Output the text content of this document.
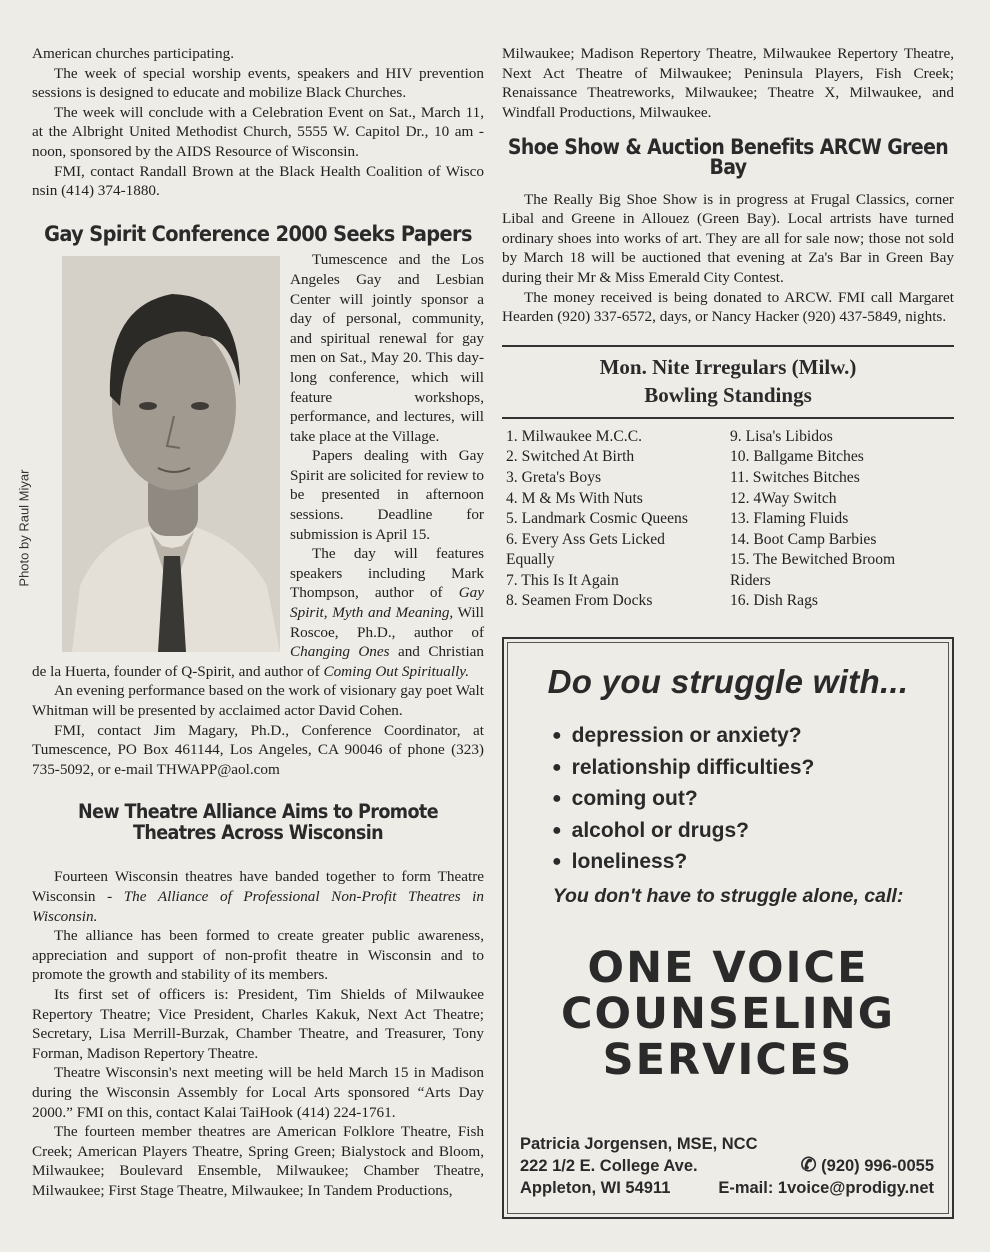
American churches participating.

The week of special worship events, speakers and HIV prevention sessions is designed to educate and mobilize Black Churches.

The week will conclude with a Celebration Event on Sat., March 11, at the Albright United Methodist Church, 5555 W. Capitol Dr., 10 am - noon, sponsored by the AIDS Resource of Wisconsin.

FMI, contact Randall Brown at the Black Health Coalition of Wisco nsin (414) 374-1880.

Gay Spirit Conference 2000 Seeks Papers
Photo by Raul Miyar

Tumescence and the Los Angeles Gay and Lesbian Center will jointly sponsor a day of personal, community, and spiritual renewal for gay men on Sat., May 20. This day-long conference, which will feature workshops, performance, and lectures, will take place at the Village.

Papers dealing with Gay Spirit are solicited for review to be presented in afternoon sessions. Deadline for submission is April 15.

The day will features speakers including Mark Thompson, author of Gay Spirit, Myth and Meaning, Will Roscoe, Ph.D., author of Changing Ones and Christian de la Huerta, founder of Q-Spirit, and author of Coming Out Spiritually.

An evening performance based on the work of visionary gay poet Walt Whitman will be presented by acclaimed actor David Cohen.

FMI, contact Jim Magary, Ph.D., Conference Coordinator, at Tumescence, PO Box 461144, Los Angeles, CA 90046 of phone (323) 735-5092, or e-mail THWAPP@aol.com

New Theatre Alliance Aims to Promote
Theatres Across Wisconsin

Fourteen Wisconsin theatres have banded together to form Theatre Wisconsin - The Alliance of Professional Non-Profit Theatres in Wisconsin.

The alliance has been formed to create greater public awareness, appreciation and support of non-profit theatre in Wisconsin and to promote the growth and stability of its members.

Its first set of officers is: President, Tim Shields of Milwaukee Repertory Theatre; Vice President, Charles Kakuk, Next Act Theatre; Secretary, Lisa Merrill-Burzak, Chamber Theatre, and Treasurer, Tony Forman, Madison Repertory Theatre.

Theatre Wisconsin's next meeting will be held March 15 in Madison during the Wisconsin Assembly for Local Arts sponsored “Arts Day 2000.” FMI on this, contact Kalai TaiHook (414) 224-1761.

The fourteen member theatres are American Folklore Theatre, Fish Creek; American Players Theatre, Spring Green; Bialystock and Bloom, Milwaukee; Boulevard Ensemble, Milwaukee; Chamber Theatre, Milwaukee; First Stage Theatre, Milwaukee; In Tandem Productions,

Milwaukee; Madison Repertory Theatre, Milwaukee Repertory Theatre, Next Act Theatre of Milwaukee; Peninsula Players, Fish Creek; Renaissance Theatreworks, Milwaukee; Theatre X, Milwaukee, and Windfall Productions, Milwaukee.

Shoe Show & Auction Benefits ARCW Green Bay

The Really Big Shoe Show is in progress at Frugal Classics, corner Libal and Greene in Allouez (Green Bay). Local artrists have turned ordinary shoes into works of art. They are all for sale now; those not sold by March 18 will be auctioned that evening at Za's Bar in Green Bay during their Mr & Miss Emerald City Contest.

The money received is being donated to ARCW. FMI call Margaret Hearden (920) 337-6572, days, or Nancy Hacker (920) 437-5849, nights.

Mon. Nite Irregulars (Milw.)
Bowling Standings
1. Milwaukee M.C.C.
2. Switched At Birth
3. Greta's Boys
4. M & Ms With Nuts
5. Landmark Cosmic Queens
6. Every Ass Gets Licked
Equally
7. This Is It Again
8. Seamen From Docks
9. Lisa's Libidos
10. Ballgame Bitches
11. Switches Bitches
12. 4Way Switch
13. Flaming Fluids
14. Boot Camp Barbies
15. The Bewitched Broom
Riders
16. Dish Rags
Do you struggle with...
● depression or anxiety?
● relationship difficulties?
● coming out?
● alcohol or drugs?
● loneliness?
You don't have to struggle alone, call:
ONE VOICE
COUNSELING
SERVICES
Patricia Jorgensen, MSE, NCC
222 1/2 E. College Ave.	✆ (920) 996-0055
Appleton, WI 54911	E-mail: 1voice@prodigy.net
